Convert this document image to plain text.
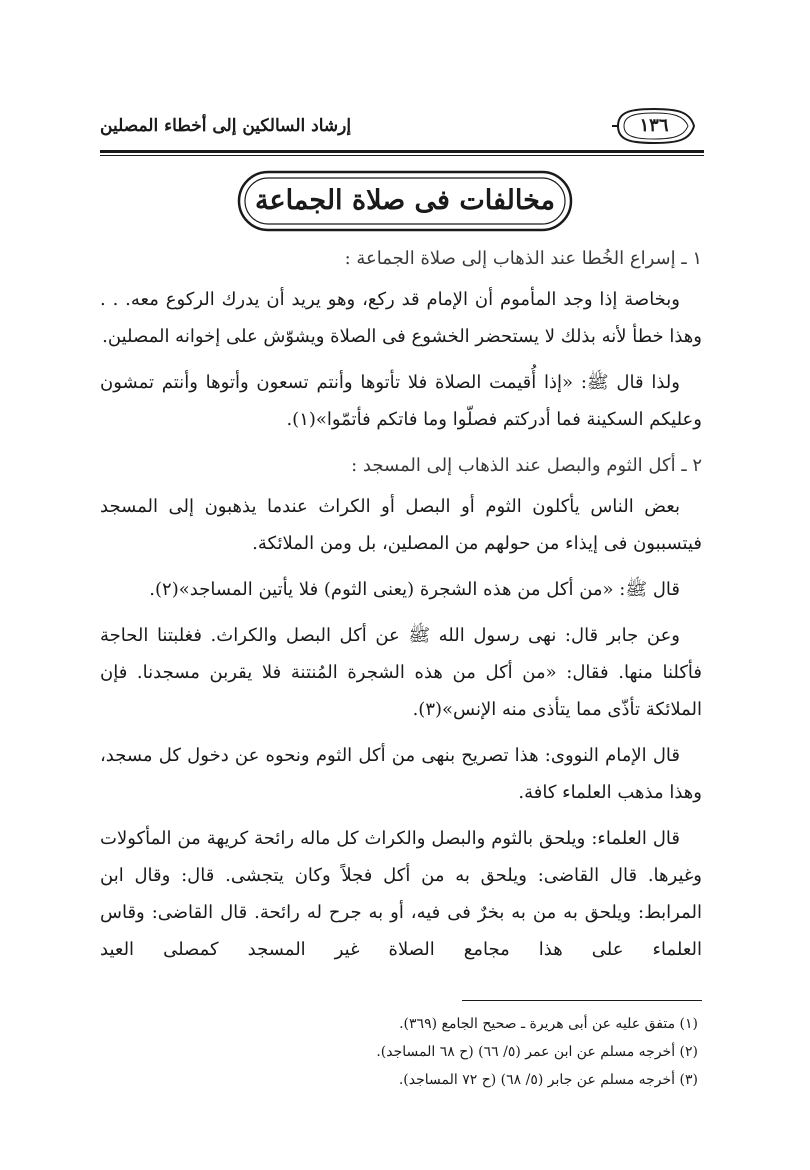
إرشاد السالكين إلى أخطاء المصلين	١٣٦
مخالفات فى صلاة الجماعة

١ ـ إسراع الخُطا عند الذهاب إلى صلاة الجماعة :

وبخاصة إذا وجد المأموم أن الإمام قد ركع، وهو يريد أن يدرك الركوع معه. . . وهذا خطأ لأنه بذلك لا يستحضر الخشوع فى الصلاة ويشوّش على إخوانه المصلين.

ولذا قال ﷺ: «إذا أُقيمت الصلاة فلا تأتوها وأنتم تسعون وأتوها وأنتم تمشون وعليكم السكينة فما أدركتم فصلّوا وما فاتكم فأتمّوا»(١).

٢ ـ أكل الثوم والبصل عند الذهاب إلى المسجد :

بعض الناس يأكلون الثوم أو البصل أو الكراث عندما يذهبون إلى المسجد فيتسببون فى إيذاء من حولهم من المصلين، بل ومن الملائكة.

قال ﷺ: «من أكل من هذه الشجرة (يعنى الثوم) فلا يأتين المساجد»(٢).

وعن جابر قال: نهى رسول الله ﷺ عن أكل البصل والكراث. فغلبتنا الحاجة فأكلنا منها. فقال: «من أكل من هذه الشجرة المُنتنة فلا يقربن مسجدنا. فإن الملائكة تأذّى مما يتأذى منه الإنس»(٣).

قال الإمام النووى: هذا تصريح بنهى من أكل الثوم ونحوه عن دخول كل مسجد، وهذا مذهب العلماء كافة.

قال العلماء: ويلحق بالثوم والبصل والكراث كل ماله رائحة كريهة من المأكولات وغيرها. قال القاضى: ويلحق به من أكل فجلاً وكان يتجشى. قال: وقال ابن المرابط: ويلحق به من به بخرٌ فى فيه، أو به جرح له رائحة. قال القاضى: وقاس العلماء على هذا مجامع الصلاة غير المسجد كمصلى العيد

(١) متفق عليه عن أبى هريرة ـ صحيح الجامع (٣٦٩).
(٢) أخرجه مسلم عن ابن عمر (٥/ ٦٦) (ح ٦٨ المساجد).
(٣) أخرجه مسلم عن جابر (٥/ ٦٨) (ح ٧٢ المساجد).
